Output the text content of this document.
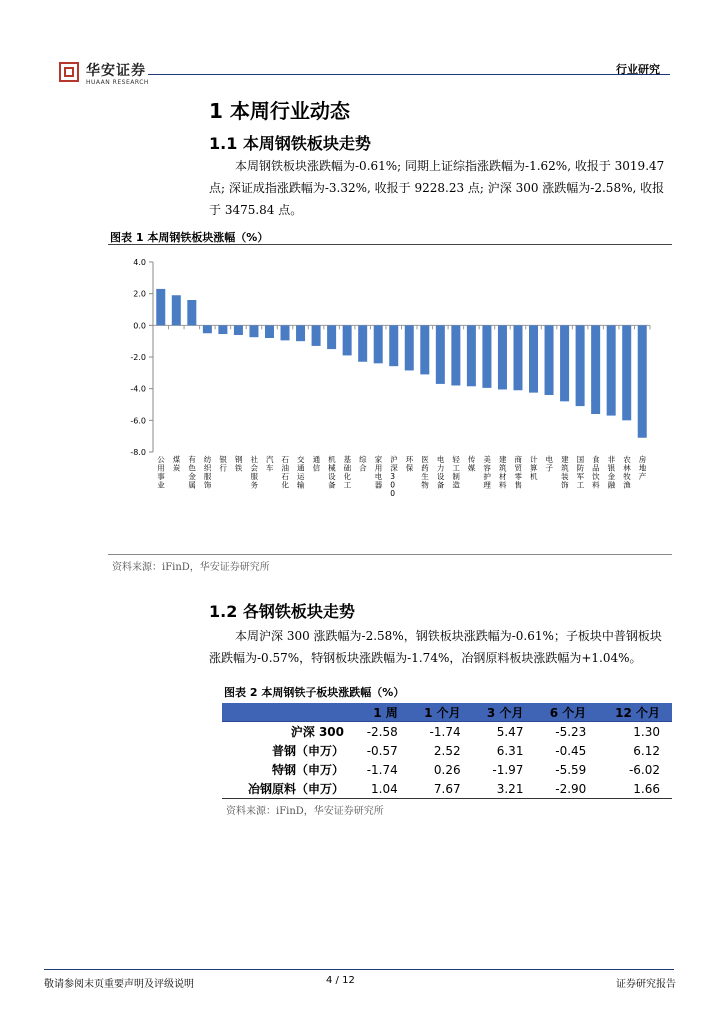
华安证券
HUAAN RESEARCH
行业研究
1 本周行业动态
1.1 本周钢铁板块走势

本周钢铁板块涨跌幅为-0.61%; 同期上证综指涨跌幅为-1.62%, 收报于 3019.47点; 深证成指涨跌幅为-3.32%, 收报于 9228.23 点; 沪深 300 涨跌幅为-2.58%, 收报于 3475.84 点。

图表 1 本周钢铁板块涨幅（%）
4.0
2.0
0.0
-2.0
-4.0
-6.0
-8.0
公用事业
煤炭
有色金属
纺织服饰
银行
钢铁
社会服务
汽车
石油石化
交通运输
通信
机械设备
基础化工
综合
家用电器
沪深 3 0 0
环保
医药生物
电力设备
轻工制造
传媒
美容护理
建筑材料
商贸零售
计算机
电子
建筑装饰
国防军工
食品饮料
非银金融
农林牧渔
房地产
资料来源：iFinD，华安证券研究所
1.2 各钢铁板块走势

本周沪深 300 涨跌幅为-2.58%，钢铁板块涨跌幅为-0.61%；子板块中普钢板块涨跌幅为-0.57%，特钢板块涨跌幅为-1.74%，冶钢原料板块涨跌幅为+1.04%。

图表 2 本周钢铁子板块涨跌幅（%）
	1 周	1 个月	3 个月	6 个月	12 个月
沪深 300	-2.58	-1.74	5.47	-5.23	1.30
普钢（申万）	-0.57	2.52	6.31	-0.45	6.12
特钢（申万）	-1.74	0.26	-1.97	-5.59	-6.02
冶钢原料（申万）	1.04	7.67	3.21	-2.90	1.66
资料来源：iFinD，华安证券研究所
敬请参阅末页重要声明及评级说明	4 / 12	证券研究报告
